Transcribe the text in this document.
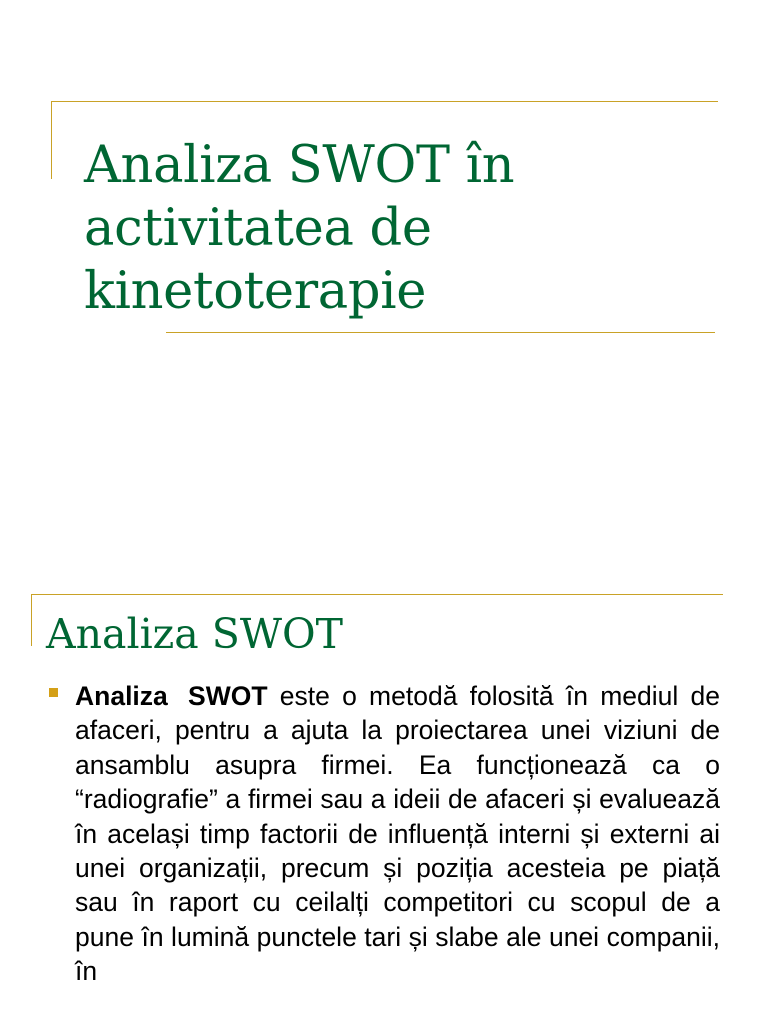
Analiza SWOT în
activitatea de
kinetoterapie
Analiza SWOT

Analiza SWOT este o metodă folosită în mediul de afaceri, pentru a ajuta la proiectarea unei viziuni de ansamblu asupra firmei. Ea funcționează ca o “radiografie” a firmei sau a ideii de afaceri și evaluează în același timp factorii de influență interni și externi ai unei organizații, precum și poziția acesteia pe piață sau în raport cu ceilalți competitori cu scopul de a pune în lumină punctele tari și slabe ale unei companii, în
